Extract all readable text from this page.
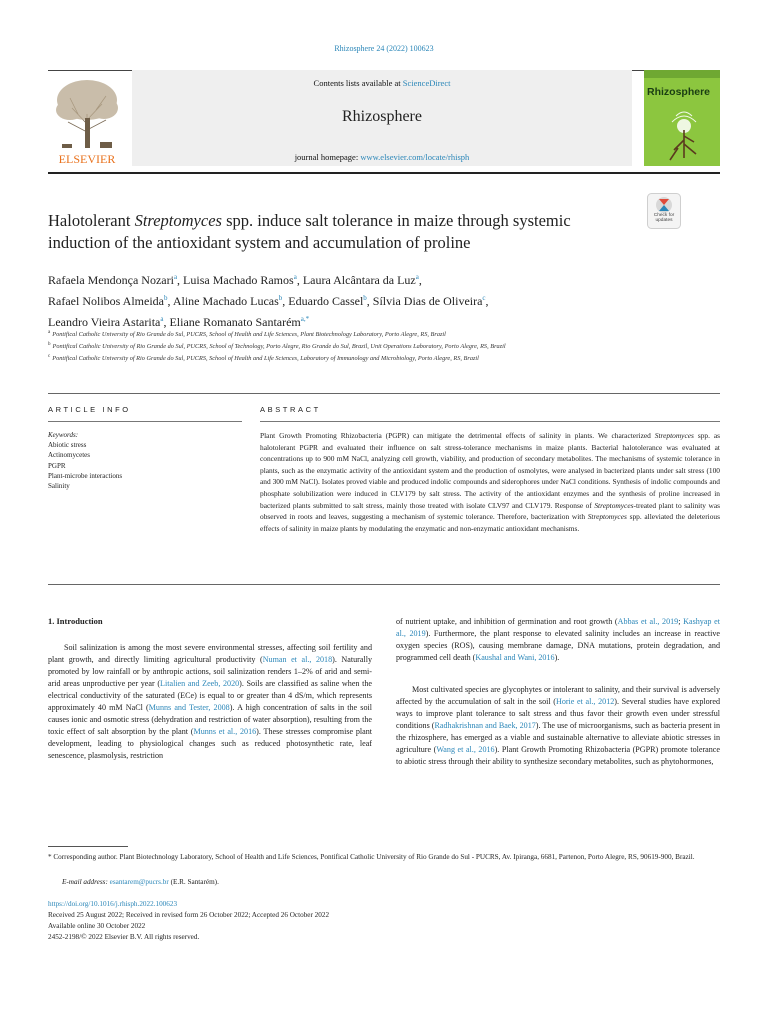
Rhizosphere 24 (2022) 100623
ELSEVIER
Contents lists available at ScienceDirect
Rhizosphere
journal homepage: www.elsevier.com/locate/rhisph
Rhizosphere
Halotolerant Streptomyces spp. induce salt tolerance in maize through systemic induction of the antioxidant system and accumulation of proline
Check for updates
Rafaela Mendonça Nozari$^a$, Luisa Machado Ramos$^a$, Laura Alcântara da Luz$^a$,
Rafael Nolibos Almeida$^b$, Aline Machado Lucas$^b$, Eduardo Cassel$^b$, Sílvia Dias de Oliveira$^c$,
Leandro Vieira Astarita$^a$, Eliane Romanato Santarém$^{a,*}$
$^a$ Pontifical Catholic University of Rio Grande do Sul, PUCRS, School of Health and Life Sciences, Plant Biotechnology Laboratory, Porto Alegre, RS, Brazil
$^b$ Pontifical Catholic University of Rio Grande do Sul, PUCRS, School of Technology, Porto Alegre, Rio Grande do Sul, Brazil, Unit Operations Laboratory, Porto Alegre, RS, Brazil
$^c$ Pontifical Catholic University of Rio Grande do Sul, PUCRS, School of Health and Life Sciences, Laboratory of Immunology and Microbiology, Porto Alegre, RS, Brazil
ARTICLE INFO	ABSTRACT
Keywords:
Abiotic stress
Actinomycetes
PGPR
Plant-microbe interactions
Salinity
Plant Growth Promoting Rhizobacteria (PGPR) can mitigate the detrimental effects of salinity in plants. We characterized Streptomyces spp. as halotolerant PGPR and evaluated their influence on salt stress-tolerance mechanisms in maize plants. Bacterial halotolerance was evaluated at concentrations up to 900 mM NaCl, analyzing cell growth, viability, and production of secondary metabolites. The mechanisms of systemic tolerance in plants, such as the enzymatic activity of the antioxidant system and the production of osmolytes, were analysed in bacterized plants under salt stress (100 and 300 mM NaCl). Isolates proved viable and produced indolic compounds and siderophores under NaCl conditions. Synthesis of indolic compounds and phosphate solubilization were induced in CLV179 by salt stress. The activity of the antioxidant enzymes and the synthesis of proline increased in bacterized plants submitted to salt stress, mainly those treated with isolate CLV97 and CLV179. Response of Streptomyces-treated plant to salinity was observed in roots and leaves, suggesting a mechanism of systemic tolerance. Therefore, bacterization with Streptomyces spp. alleviated the deleterious effects of salinity in maize plants by modulating the enzymatic and non-enzymatic antioxidant mechanisms.
1. Introduction
Soil salinization is among the most severe environmental stresses, affecting soil fertility and plant growth, and directly limiting agricultural productivity (Numan et al., 2018). Naturally promoted by low rainfall or by anthropic actions, soil salinization renders 1–2% of arid and semi-arid areas unproductive per year (Litalien and Zeeb, 2020). Soils are classified as saline when the electrical conductivity of the saturated (ECe) is equal to or greater than 4 dS/m, which represents approximately 40 mM NaCl (Munns and Tester, 2008). A high concentration of salts in the soil causes ionic and osmotic stress (dehydration and restriction of water absorption), resulting from the toxic effect of salt absorption by the plant (Munns et al., 2016). These stresses compromise plant development, leading to physiological changes such as reduced photosynthetic rate, leaf senescence, plasmolysis, restriction
of nutrient uptake, and inhibition of germination and root growth (Abbas et al., 2019; Kashyap et al., 2019). Furthermore, the plant response to elevated salinity includes an increase in reactive oxygen species (ROS), causing membrane damage, DNA mutations, protein degradation, and programmed cell death (Kaushal and Wani, 2016).
Most cultivated species are glycophytes or intolerant to salinity, and their survival is adversely affected by the accumulation of salt in the soil (Horie et al., 2012). Several studies have explored ways to improve plant tolerance to salt stress and thus favor their growth even under stressful conditions (Radhakrishnan and Baek, 2017). The use of microorganisms, such as bacteria present in the rhizosphere, has emerged as a viable and sustainable alternative to alleviate abiotic stresses in agriculture (Wang et al., 2016). Plant Growth Promoting Rhizobacteria (PGPR) promote tolerance to abiotic stress through their ability to synthesize secondary metabolites, such as phytohormones,
* Corresponding author. Plant Biotechnology Laboratory, School of Health and Life Sciences, Pontifical Catholic University of Rio Grande do Sul - PUCRS, Av. Ipiranga, 6681, Partenon, Porto Alegre, RS, 90619-900, Brazil.
E-mail address: esantarem@pucrs.br (E.R. Santarém).
https://doi.org/10.1016/j.rhisph.2022.100623
Received 25 August 2022; Received in revised form 26 October 2022; Accepted 26 October 2022
Available online 30 October 2022
2452-2198/© 2022 Elsevier B.V. All rights reserved.
